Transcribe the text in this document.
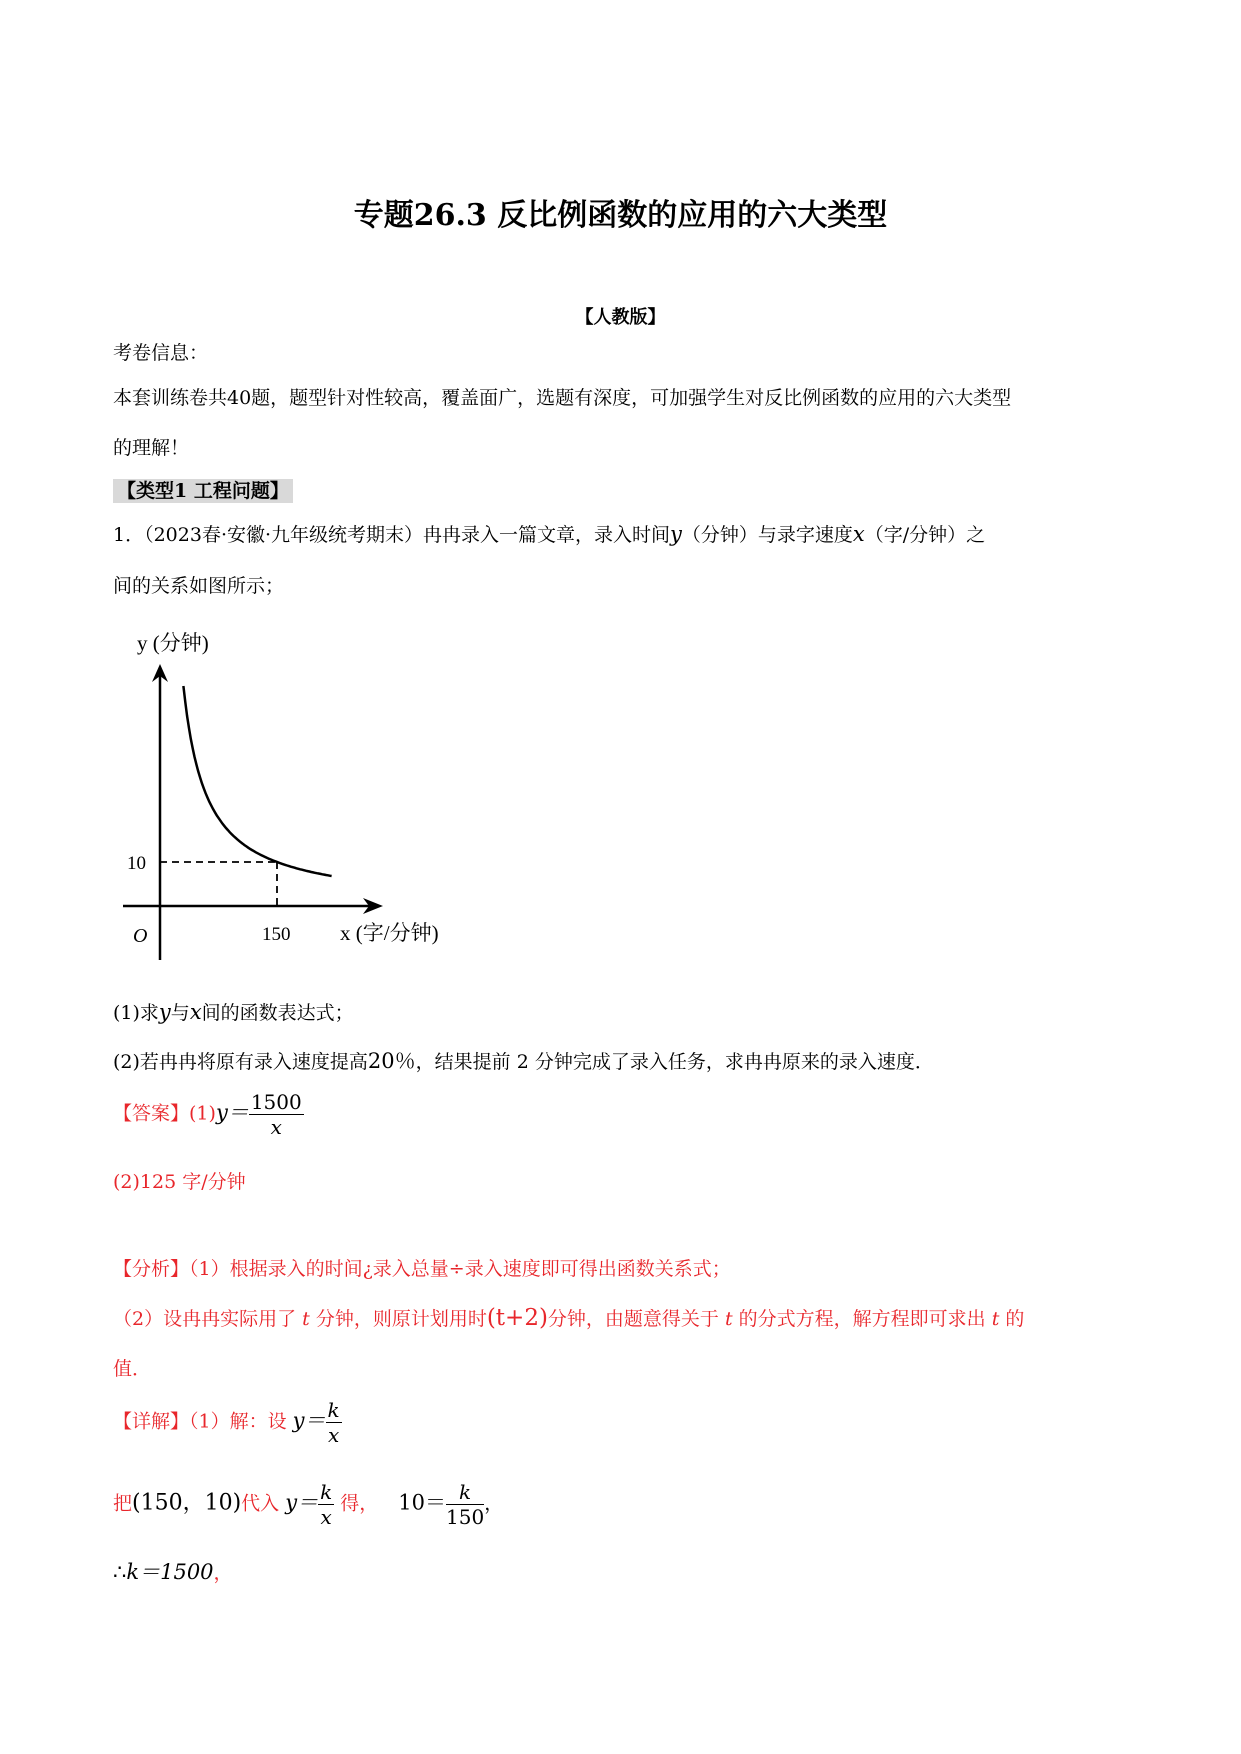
专题26.3 反比例函数的应用的六大类型
【人教版】
考卷信息：
本套训练卷共40题，题型针对性较高，覆盖面广，选题有深度，可加强学生对反比例函数的应用的六大类型
的理解！
【类型1 工程问题】
1．（2023春·安徽·九年级统考期末）冉冉录入一篇文章，录入时间y（分钟）与录字速度x（字/分钟）之
间的关系如图所示；
y (分钟)
x (字/分钟)
O
10
150
(1)求y与x间的函数表达式；
(2)若冉冉将原有录入速度提高20％，结果提前 2 分钟完成了录入任务，求冉冉原来的录入速度．
【答案】$(1)y= \frac{1500}{x}$
(2)125 字/分钟
【分析】（1）根据录入的时间¿录入总量÷录入速度即可得出函数关系式；
（2）设冉冉实际用了 t 分钟，则原计划用时(t+2)分钟，由题意得关于 t 的分式方程，解方程即可求出 t 的
值．
【详解】（1）解：设 $y= \frac{k}{x}$
把(150，10)代入 $y= \frac{k}{x}$ 得， $10= \frac{k}{150}$ ，
∴k＝1500，
